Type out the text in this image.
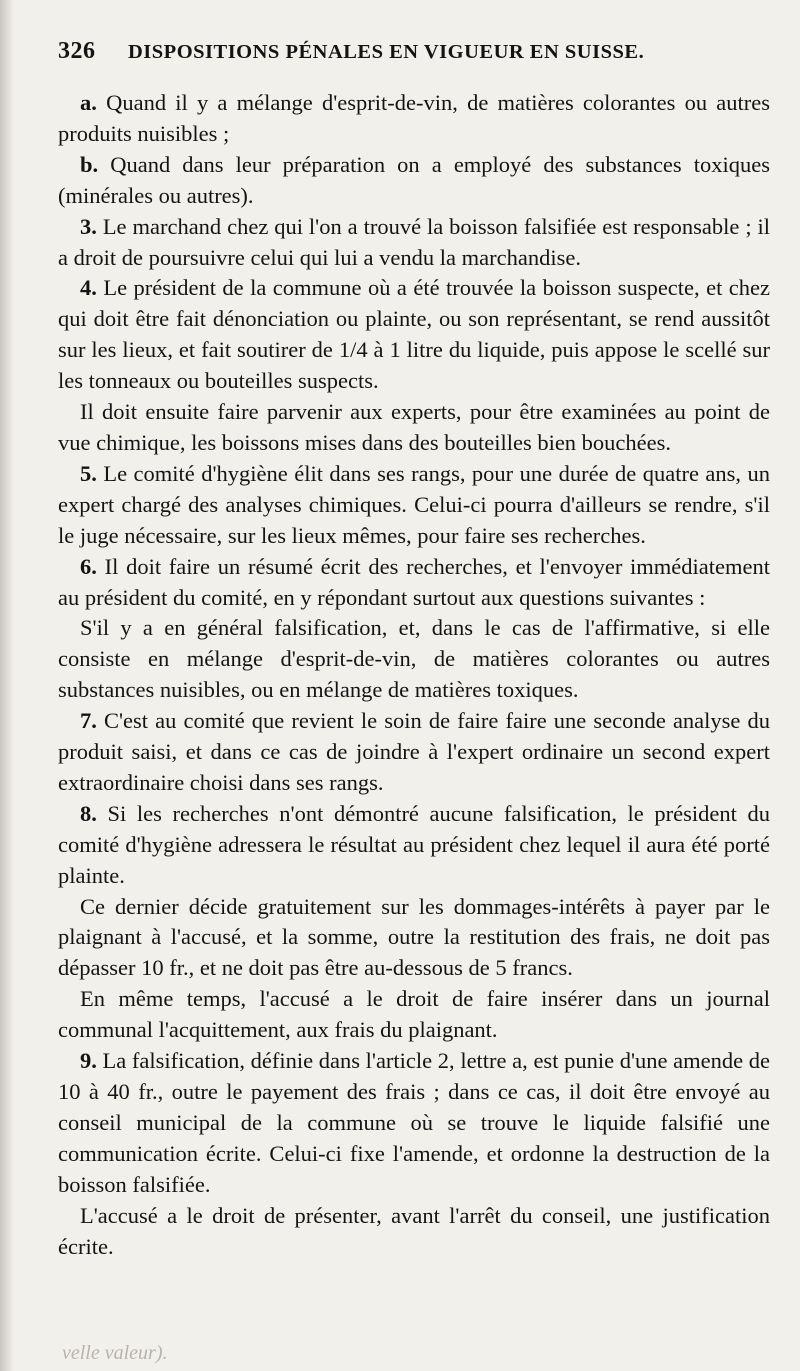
326	DISPOSITIONS PÉNALES EN VIGUEUR EN SUISSE.

a. Quand il y a mélange d'esprit-de-vin, de matières colorantes ou autres produits nuisibles ;

b. Quand dans leur préparation on a employé des substances toxiques (minérales ou autres).

3. Le marchand chez qui l'on a trouvé la boisson falsifiée est responsable ; il a droit de poursuivre celui qui lui a vendu la marchandise.

4. Le président de la commune où a été trouvée la boisson suspecte, et chez qui doit être fait dénonciation ou plainte, ou son représentant, se rend aussitôt sur les lieux, et fait soutirer de 1/4 à 1 litre du liquide, puis appose le scellé sur les tonneaux ou bouteilles suspects.

Il doit ensuite faire parvenir aux experts, pour être examinées au point de vue chimique, les boissons mises dans des bouteilles bien bouchées.

5. Le comité d'hygiène élit dans ses rangs, pour une durée de quatre ans, un expert chargé des analyses chimiques. Celui-ci pourra d'ailleurs se rendre, s'il le juge nécessaire, sur les lieux mêmes, pour faire ses recherches.

6. Il doit faire un résumé écrit des recherches, et l'envoyer immédiatement au président du comité, en y répondant surtout aux questions suivantes :

S'il y a en général falsification, et, dans le cas de l'affirmative, si elle consiste en mélange d'esprit-de-vin, de matières colorantes ou autres substances nuisibles, ou en mélange de matières toxiques.

7. C'est au comité que revient le soin de faire faire une seconde analyse du produit saisi, et dans ce cas de joindre à l'expert ordinaire un second expert extraordinaire choisi dans ses rangs.

8. Si les recherches n'ont démontré aucune falsification, le président du comité d'hygiène adressera le résultat au président chez lequel il aura été porté plainte.

Ce dernier décide gratuitement sur les dommages-intérêts à payer par le plaignant à l'accusé, et la somme, outre la restitution des frais, ne doit pas dépasser 10 fr., et ne doit pas être au-dessous de 5 francs.

En même temps, l'accusé a le droit de faire insérer dans un journal communal l'acquittement, aux frais du plaignant.

9. La falsification, définie dans l'article 2, lettre a, est punie d'une amende de 10 à 40 fr., outre le payement des frais ; dans ce cas, il doit être envoyé au conseil municipal de la commune où se trouve le liquide falsifié une communication écrite. Celui-ci fixe l'amende, et ordonne la destruction de la boisson falsifiée.

L'accusé a le droit de présenter, avant l'arrêt du conseil, une justification écrite.

velle valeur).
